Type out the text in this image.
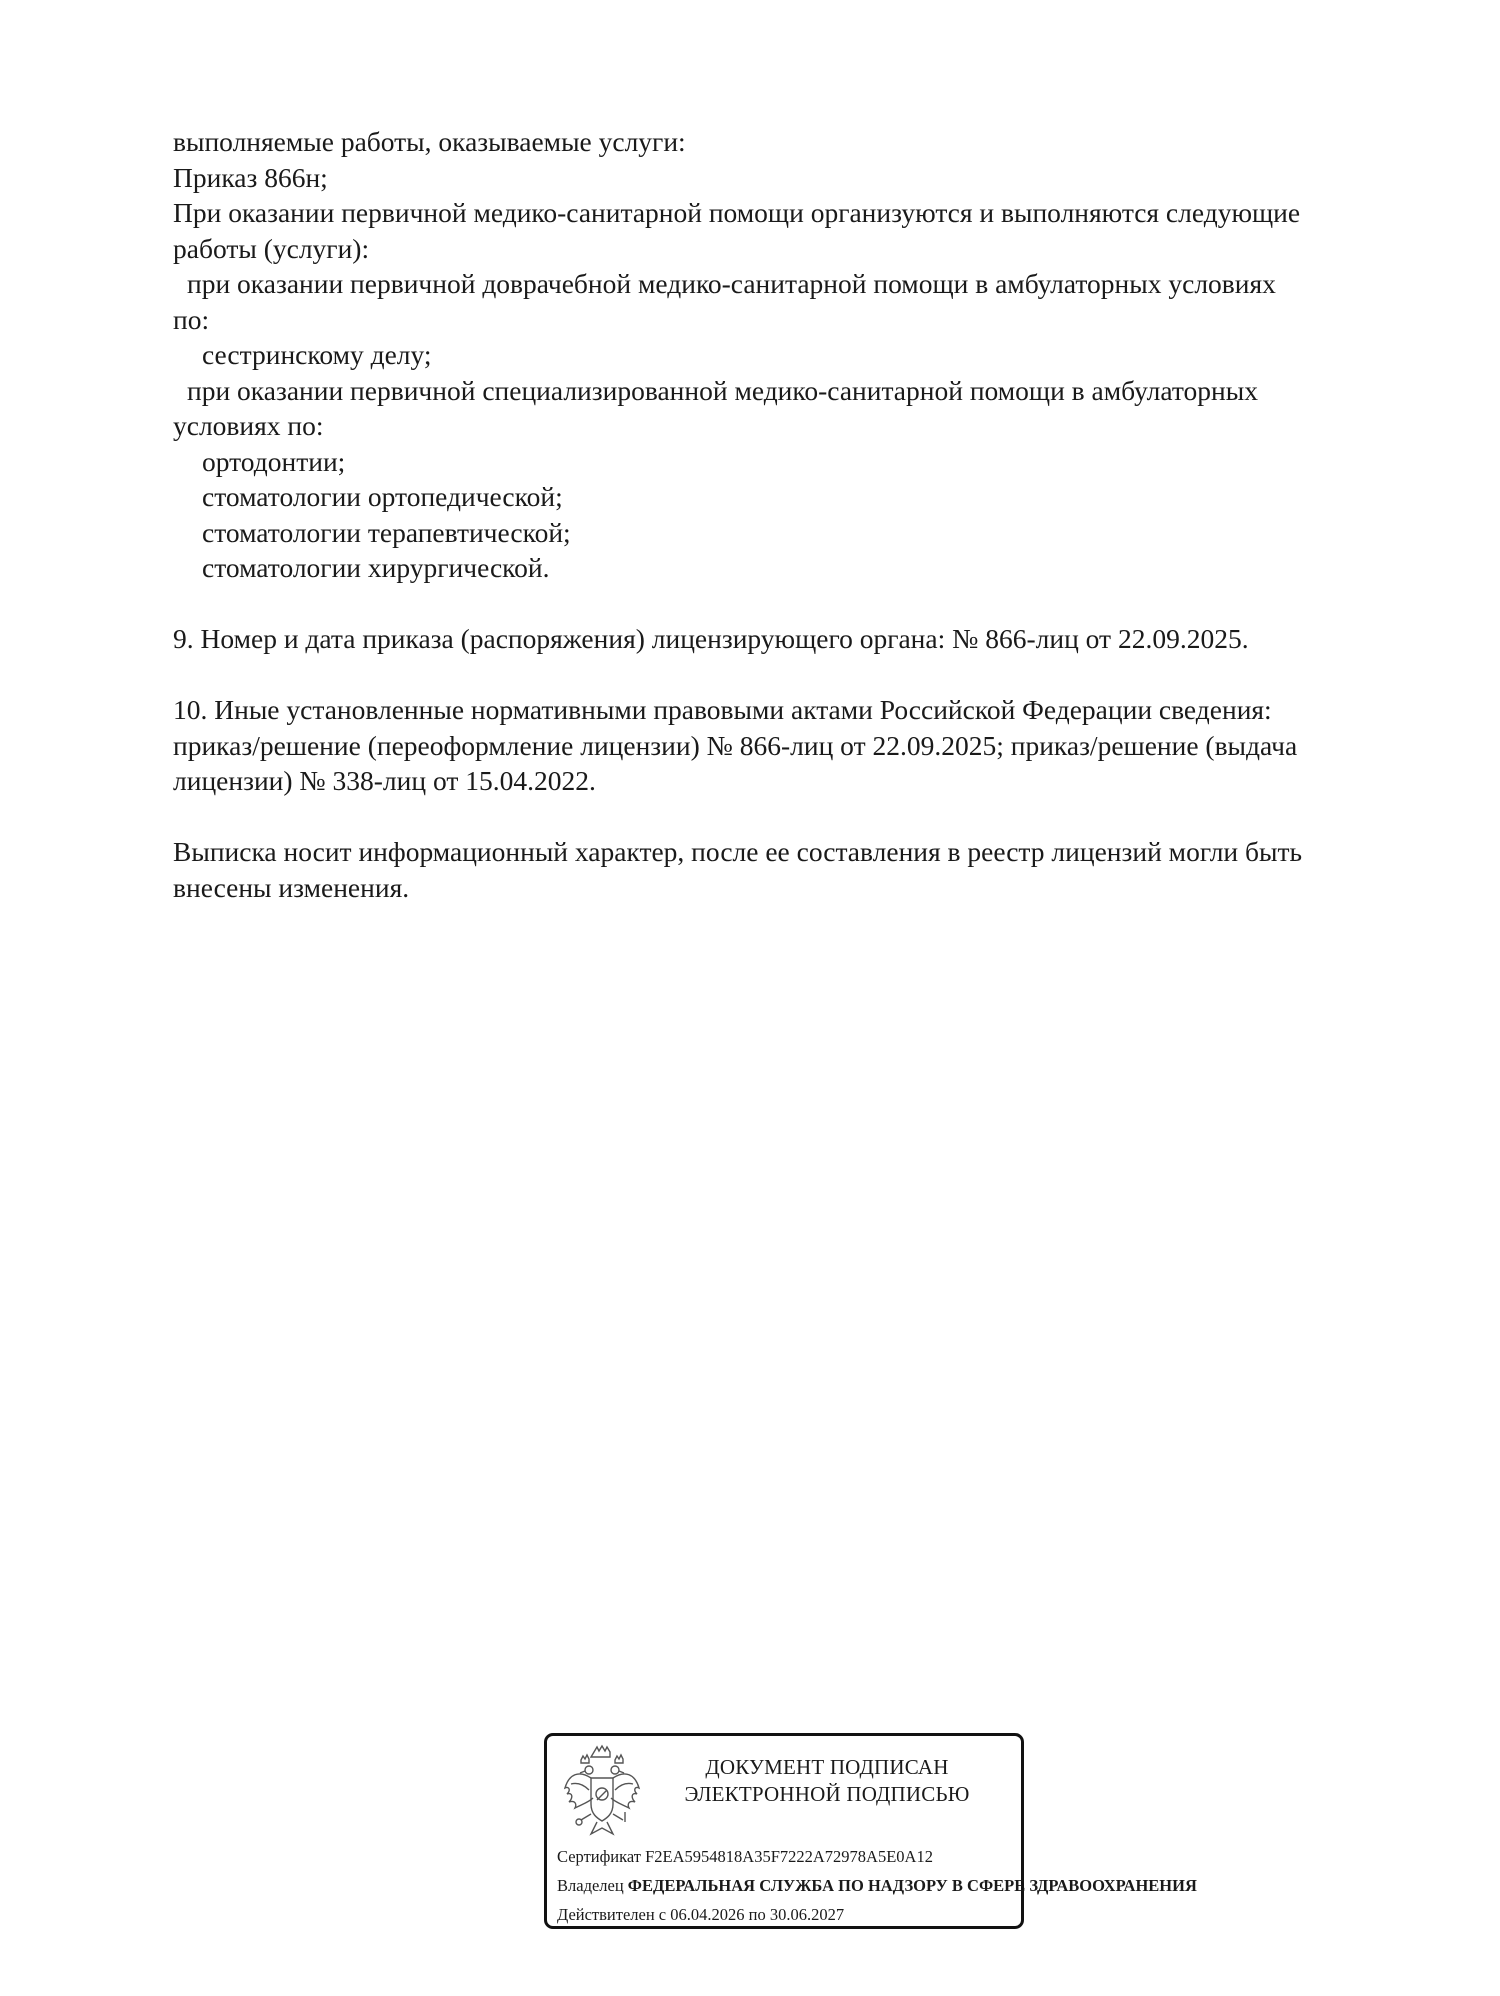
выполняемые работы, оказываемые услуги:
Приказ 866н;
При оказании первичной медико-санитарной помощи организуются и выполняются следующие
работы (услуги):
при оказании первичной доврачебной медико-санитарной помощи в амбулаторных условиях
по:
сестринскому делу;
при оказании первичной специализированной медико-санитарной помощи в амбулаторных
условиях по:
ортодонтии;
стоматологии ортопедической;
стоматологии терапевтической;
стоматологии хирургической.
9. Номер и дата приказа (распоряжения) лицензирующего органа: № 866-лиц от 22.09.2025.
10. Иные установленные нормативными правовыми актами Российской Федерации сведения:
приказ/решение (переоформление лицензии) № 866-лиц от 22.09.2025; приказ/решение (выдача
лицензии) № 338-лиц от 15.04.2022.
Выписка носит информационный характер, после ее составления в реестр лицензий могли быть
внесены изменения.
ДОКУМЕНТ ПОДПИСАН
ЭЛЕКТРОННОЙ ПОДПИСЬЮ
Сертификат F2EA5954818A35F7222A72978A5E0A12
Владелец ФЕДЕРАЛЬНАЯ СЛУЖБА ПО НАДЗОРУ В СФЕРЕ ЗДРАВООХРАНЕНИЯ
Действителен с 06.04.2026 по 30.06.2027
